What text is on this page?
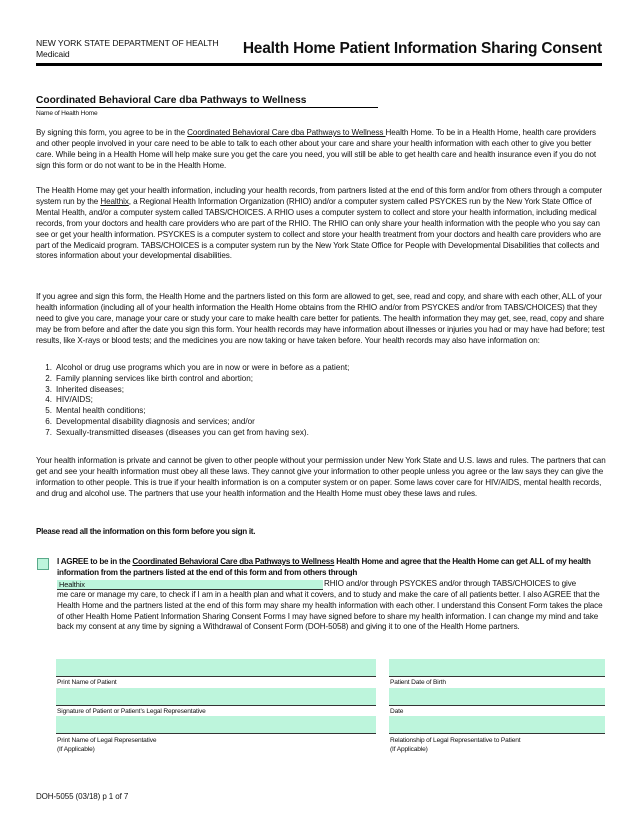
NEW YORK STATE DEPARTMENT OF HEALTH
Medicaid	Health Home Patient Information Sharing Consent
Coordinated Behavioral Care dba Pathways to Wellness
Name of Health Home

By signing this form, you agree to be in the Coordinated Behavioral Care dba Pathways to Wellness Health Home. To be in a Health Home, health care providers and other people involved in your care need to be able to talk to each other about your care and share your health information with each other to give you better care. While being in a Health Home will help make sure you get the care you need, you will still be able to get health care and health insurance even if you do not sign this form or do not want to be in the Health Home.

The Health Home may get your health information, including your health records, from partners listed at the end of this form and/or from others through a computer system run by the Healthix, a Regional Health Information Organization (RHIO) and/or a computer system called PSYCKES run by the New York State Office of Mental Health, and/or a computer system called TABS/CHOICES. A RHIO uses a computer system to collect and store your health information, including medical records, from your doctors and health care providers who are part of the RHIO. The RHIO can only share your health information with the people who you say can see or get your health information. PSYCKES is a computer system to collect and store your health treatment from your doctors and health care providers who are part of the Medicaid program. TABS/CHOICES is a computer system run by the New York State Office for People with Developmental Disabilities that collects and stores information about your developmental disabilities.

If you agree and sign this form, the Health Home and the partners listed on this form are allowed to get, see, read and copy, and share with each other, ALL of your health information (including all of your health information the Health Home obtains from the RHIO and/or from PSYCKES and/or from TABS/CHOICES) that they need to give you care, manage your care or study your care to make health care better for patients. The health information they may get, see, read, copy and share may be from before and after the date you sign this form. Your health records may have information about illnesses or injuries you had or may have had before; test results, like X-rays or blood tests; and the medicines you are now taking or have taken before. Your health records may also have information on:

1. Alcohol or drug use programs which you are in now or were in before as a patient;
2. Family planning services like birth control and abortion;
3. Inherited diseases;
4. HIV/AIDS;
5. Mental health conditions;
6. Developmental disability diagnosis and services; and/or
7. Sexually-transmitted diseases (diseases you can get from having sex).

Your health information is private and cannot be given to other people without your permission under New York State and U.S. laws and rules. The partners that can get and see your health information must obey all these laws. They cannot give your information to other people unless you agree or the law says they can give the information to other people. This is true if your health information is on a computer system or on paper. Some laws cover care for HIV/AIDS, mental health records, and drug and alcohol use. The partners that use your health information and the Health Home must obey these laws and rules.

Please read all the information on this form before you sign it.
I AGREE to be in the Coordinated Behavioral Care dba Pathways to Wellness Health Home and agree that the Health Home can get ALL of my health information from the partners listed at the end of this form and from others through
Healthix	RHIO and/or through PSYCKES and/or through TABS/CHOICES to give
me care or manage my care, to check if I am in a health plan and what it covers, and to study and make the care of all patients better. I also AGREE that the Health Home and the partners listed at the end of this form may share my health information with each other. I understand this Consent Form takes the place of other Health Home Patient Information Sharing Consent Forms I may have signed before to share my health information. I can change my mind and take back my consent at any time by signing a Withdrawal of Consent Form (DOH-5058) and giving it to one of the Health Home partners.
Print Name of Patient	Patient Date of Birth
Signature of Patient or Patient’s Legal Representative	Date
Print Name of Legal Representative
(If Applicable)
Relationship of Legal Representative to Patient
(If Applicable)
DOH-5055 (03/18) p 1 of 7
